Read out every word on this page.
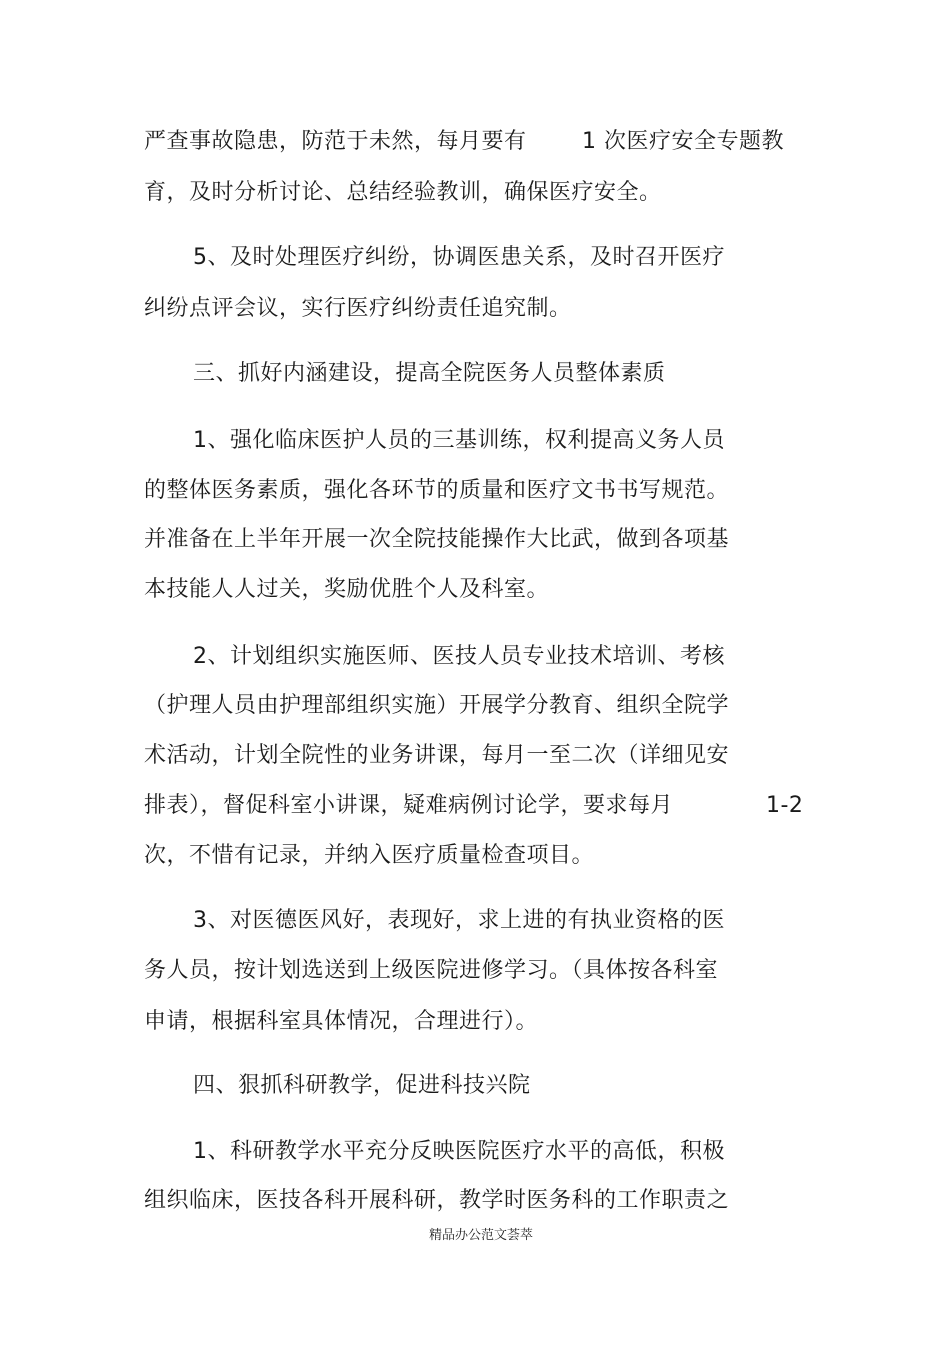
严查事故隐患，防范于未然，每月要有	1 次医疗安全专题教
育，及时分析讨论、总结经验教训，确保医疗安全。
5、及时处理医疗纠纷，协调医患关系，及时召开医疗
纠纷点评会议，实行医疗纠纷责任追究制。
三、抓好内涵建设，提高全院医务人员整体素质
1、强化临床医护人员的三基训练，权利提高义务人员
的整体医务素质，强化各环节的质量和医疗文书书写规范。
并准备在上半年开展一次全院技能操作大比武，做到各项基
本技能人人过关，奖励优胜个人及科室。
2、计划组织实施医师、医技人员专业技术培训、考核
（护理人员由护理部组织实施）开展学分教育、组织全院学
术活动，计划全院性的业务讲课，每月一至二次（详细见安
排表），督促科室小讲课，疑难病例讨论学，要求每月	1-2
次，不惜有记录，并纳入医疗质量检查项目。
3、对医德医风好，表现好，求上进的有执业资格的医
务人员，按计划选送到上级医院进修学习。（具体按各科室
申请，根据科室具体情况，合理进行）。
四、狠抓科研教学，促进科技兴院
1、科研教学水平充分反映医院医疗水平的高低，积极
组织临床，医技各科开展科研，教学时医务科的工作职责之
精品办公范文荟萃
